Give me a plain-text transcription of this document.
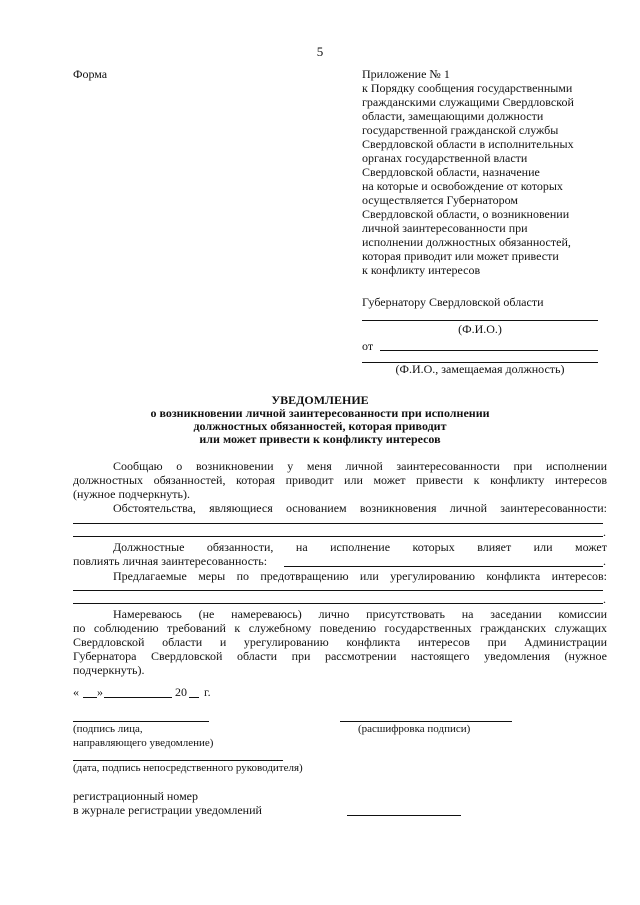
5
Форма	Приложение № 1
к Порядку сообщения государственными
гражданскими служащими Свердловской
области, замещающими должности
государственной гражданской службы
Свердловской области в исполнительных
органах государственной власти
Свердловской области, назначение
на которые и освобождение от которых
осуществляется Губернатором
Свердловской области, о возникновении
личной заинтересованности при
исполнении должностных обязанностей,
которая приводит или может привести
к конфликту интересов
Губернатору Свердловской области
(Ф.И.О.)
от
(Ф.И.О., замещаемая должность)
УВЕДОМЛЕНИЕ
о возникновении личной заинтересованности при исполнении
должностных обязанностей, которая приводит
или может привести к конфликту интересов
Сообщаю о возникновении у меня личной заинтересованности при исполнении
должностных обязанностей, которая приводит или может привести к конфликту интересов
(нужное подчеркнуть).
Обстоятельства, являющиеся основанием возникновения личной заинтересованности:
.
Должностные обязанности, на исполнение которых влияет или может
повлиять личная заинтересованность:	.
Предлагаемые меры по предотвращению или урегулированию конфликта интересов:
.
Намереваюсь (не намереваюсь) лично присутствовать на заседании комиссии
по соблюдению требований к служебному поведению государственных гражданских служащих
Свердловской области и урегулированию конфликта интересов при Администрации
Губернатора Свердловской области при рассмотрении настоящего уведомления (нужное
подчеркнуть).
« »	20 г.
(подпись лица,	(расшифровка подписи)
направляющего уведомление)
(дата, подпись непосредственного руководителя)
регистрационный номер
в журнале регистрации уведомлений
